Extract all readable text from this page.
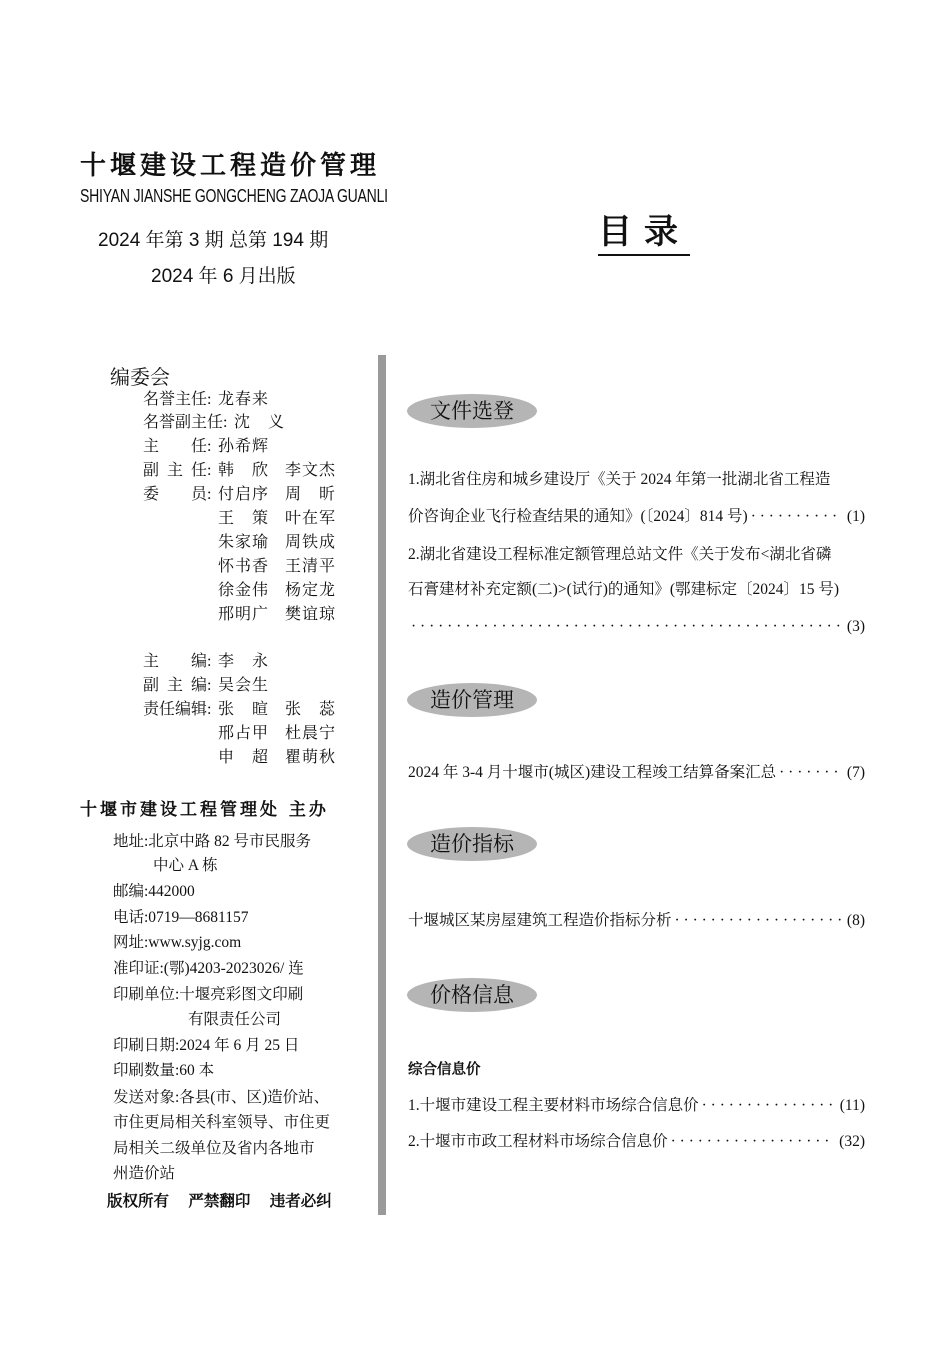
十堰建设工程造价管理
SHIYAN JIANSHE GONGCHENG ZAOJA GUANLI
2024 年第 3 期 总第 194 期
2024 年 6 月出版
目录
编委会
名誉主任 : 龙春来
名誉副主任 : 沈义
主任 : 孙希辉
副主任 : 韩欣 李文杰
委员 : 付启序 周昕
王策 叶在军
朱家瑜 周铁成
怀书香 王清平
徐金伟 杨定龙
邢明广 樊谊琼
主编 : 李永
副主编 : 吴会生
责任编辑 : 张暄 张蕊
邢占甲 杜晨宁
申超 瞿萌秋
十堰市建设工程管理处 主办
地址:北京中路 82 号市民服务
中心 A 栋
邮编:442000
电话:0719—8681157
网址:www.syjg.com
准印证:(鄂)4203-2023026/ 连
印刷单位:十堰亮彩图文印刷
有限责任公司
印刷日期:2024 年 6 月 25 日
印刷数量:60 本
发送对象:各县(市、区)造价站、
市住更局相关科室领导、市住更
局相关二级单位及省内各地市
州造价站
版权所有 严禁翻印 违者必纠
文件选登
1.湖北省住房和城乡建设厅《关于 2024 年第一批湖北省工程造
价咨询企业飞行检查结果的通知》(〔2024〕814 号) · · ·	(1)
2.湖北省建设工程标准定额管理总站文件《关于发布<湖北省磷
石膏建材补充定额(二)>(试行)的通知》(鄂建标定〔2024〕15 号)
· · ·
(3)
造价管理
2024 年 3-4 月十堰市(城区)建设工程竣工结算备案汇总 · · ·	(7)
造价指标
十堰城区某房屋建筑工程造价指标分析 · · ·	(8)
价格信息
综合信息价
1.十堰市建设工程主要材料市场综合信息价 · · ·	(11)
2.十堰市市政工程材料市场综合信息价 · · ·	(32)
